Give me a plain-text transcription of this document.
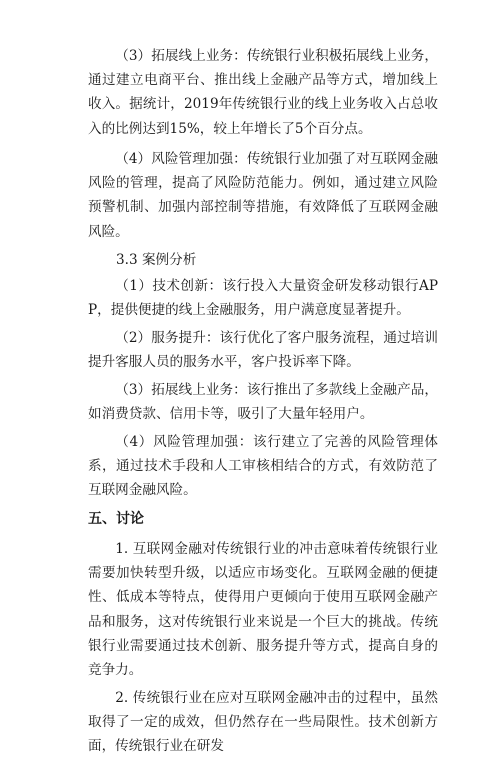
（3）拓展线上业务：传统银行业积极拓展线上业务，通过建立电商平台、推出线上金融产品等方式，增加线上收入。据统计，2019年传统银行业的线上业务收入占总收入的比例达到15%，较上年增长了5个百分点。

（4）风险管理加强：传统银行业加强了对互联网金融风险的管理，提高了风险防范能力。例如，通过建立风险预警机制、加强内部控制等措施，有效降低了互联网金融风险。

3.3 案例分析

（1）技术创新：该行投入大量资金研发移动银行APP，提供便捷的线上金融服务，用户满意度显著提升。

（2）服务提升：该行优化了客户服务流程，通过培训提升客服人员的服务水平，客户投诉率下降。

（3）拓展线上业务：该行推出了多款线上金融产品，如消费贷款、信用卡等，吸引了大量年轻用户。

（4）风险管理加强：该行建立了完善的风险管理体系，通过技术手段和人工审核相结合的方式，有效防范了互联网金融风险。

五、讨论

1. 互联网金融对传统银行业的冲击意味着传统银行业需要加快转型升级，以适应市场变化。互联网金融的便捷性、低成本等特点，使得用户更倾向于使用互联网金融产品和服务，这对传统银行业来说是一个巨大的挑战。传统银行业需要通过技术创新、服务提升等方式，提高自身的竞争力。

2. 传统银行业在应对互联网金融冲击的过程中，虽然取得了一定的成效，但仍然存在一些局限性。技术创新方面，传统银行业在研发
